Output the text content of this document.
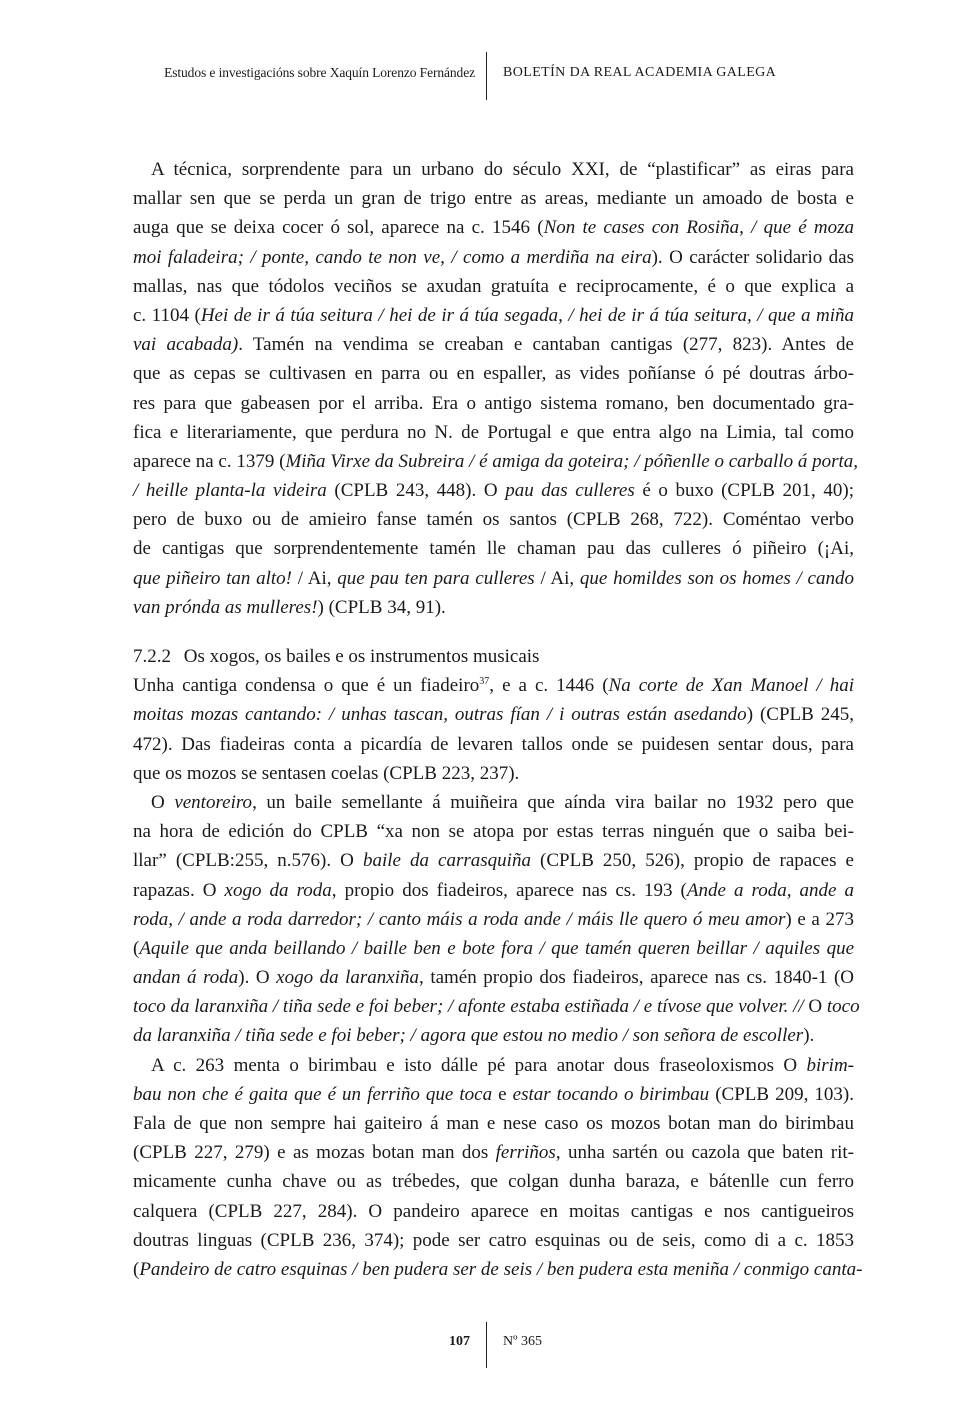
Estudos e investigacións sobre Xaquín Lorenzo Fernández BOLETÍN DA REAL ACADEMIA GALEGA
A técnica, sorprendente para un urbano do século XXI, de “plastificar” as eiras para
mallar sen que se perda un gran de trigo entre as areas, mediante un amoado de bosta e
auga que se deixa cocer ó sol, aparece na c. 1546 (Non te cases con Rosiña, / que é moza
moi faladeira; / ponte, cando te non ve, / como a merdiña na eira). O carácter solidario das
mallas, nas que tódolos veciños se axudan gratuíta e reciprocamente, é o que explica a
c. 1104 (Hei de ir á túa seitura / hei de ir á túa segada, / hei de ir á túa seitura, / que a miña
vai acabada). Tamén na vendima se creaban e cantaban cantigas (277, 823). Antes de
que as cepas se cultivasen en parra ou en espaller, as vides poñíanse ó pé doutras árbo-
res para que gabeasen por el arriba. Era o antigo sistema romano, ben documentado gra-
fica e literariamente, que perdura no N. de Portugal e que entra algo na Limia, tal como
aparece na c. 1379 (Miña Virxe da Subreira / é amiga da goteira; / póñenlle o carballo á porta,
/ heille planta-la videira (CPLB 243, 448). O pau das culleres é o buxo (CPLB 201, 40);
pero de buxo ou de amieiro fanse tamén os santos (CPLB 268, 722). Coméntao verbo
de cantigas que sorprendentemente tamén lle chaman pau das culleres ó piñeiro (¡Ai,
que piñeiro tan alto! / Ai, que pau ten para culleres / Ai, que homildes son os homes / cando
van prónda as mulleres!) (CPLB 34, 91).
7.2.2 Os xogos, os bailes e os instrumentos musicais
Unha cantiga condensa o que é un fiadeiro$^{37}$, e a c. 1446 (Na corte de Xan Manoel / hai
moitas mozas cantando: / unhas tascan, outras fían / i outras están asedando) (CPLB 245,
472). Das fiadeiras conta a picardía de levaren tallos onde se puidesen sentar dous, para
que os mozos se sentasen coelas (CPLB 223, 237).
O ventoreiro, un baile semellante á muiñeira que aínda vira bailar no 1932 pero que
na hora de edición do CPLB “xa non se atopa por estas terras ninguén que o saiba bei-
llar” (CPLB:255, n.576). O baile da carrasquiña (CPLB 250, 526), propio de rapaces e
rapazas. O xogo da roda, propio dos fiadeiros, aparece nas cs. 193 (Ande a roda, ande a
roda, / ande a roda darredor; / canto máis a roda ande / máis lle quero ó meu amor) e a 273
(Aquile que anda beillando / baille ben e bote fora / que tamén queren beillar / aquiles que
andan á roda). O xogo da laranxiña, tamén propio dos fiadeiros, aparece nas cs. 1840-1 (O
toco da laranxiña / tiña sede e foi beber; / afonte estaba estiñada / e tívose que volver. // O toco
da laranxiña / tiña sede e foi beber; / agora que estou no medio / son señora de escoller).
A c. 263 menta o birimbau e isto dálle pé para anotar dous fraseoloxismos O birim-
bau non che é gaita que é un ferriño que toca e estar tocando o birimbau (CPLB 209, 103).
Fala de que non sempre hai gaiteiro á man e nese caso os mozos botan man do birimbau
(CPLB 227, 279) e as mozas botan man dos ferriños, unha sartén ou cazola que baten rit-
micamente cunha chave ou as trébedes, que colgan dunha baraza, e bátenlle cun ferro
calquera (CPLB 227, 284). O pandeiro aparece en moitas cantigas e nos cantigueiros
doutras linguas (CPLB 236, 374); pode ser catro esquinas ou de seis, como di a c. 1853
(Pandeiro de catro esquinas / ben pudera ser de seis / ben pudera esta meniña / conmigo canta-
107 Nº 365
